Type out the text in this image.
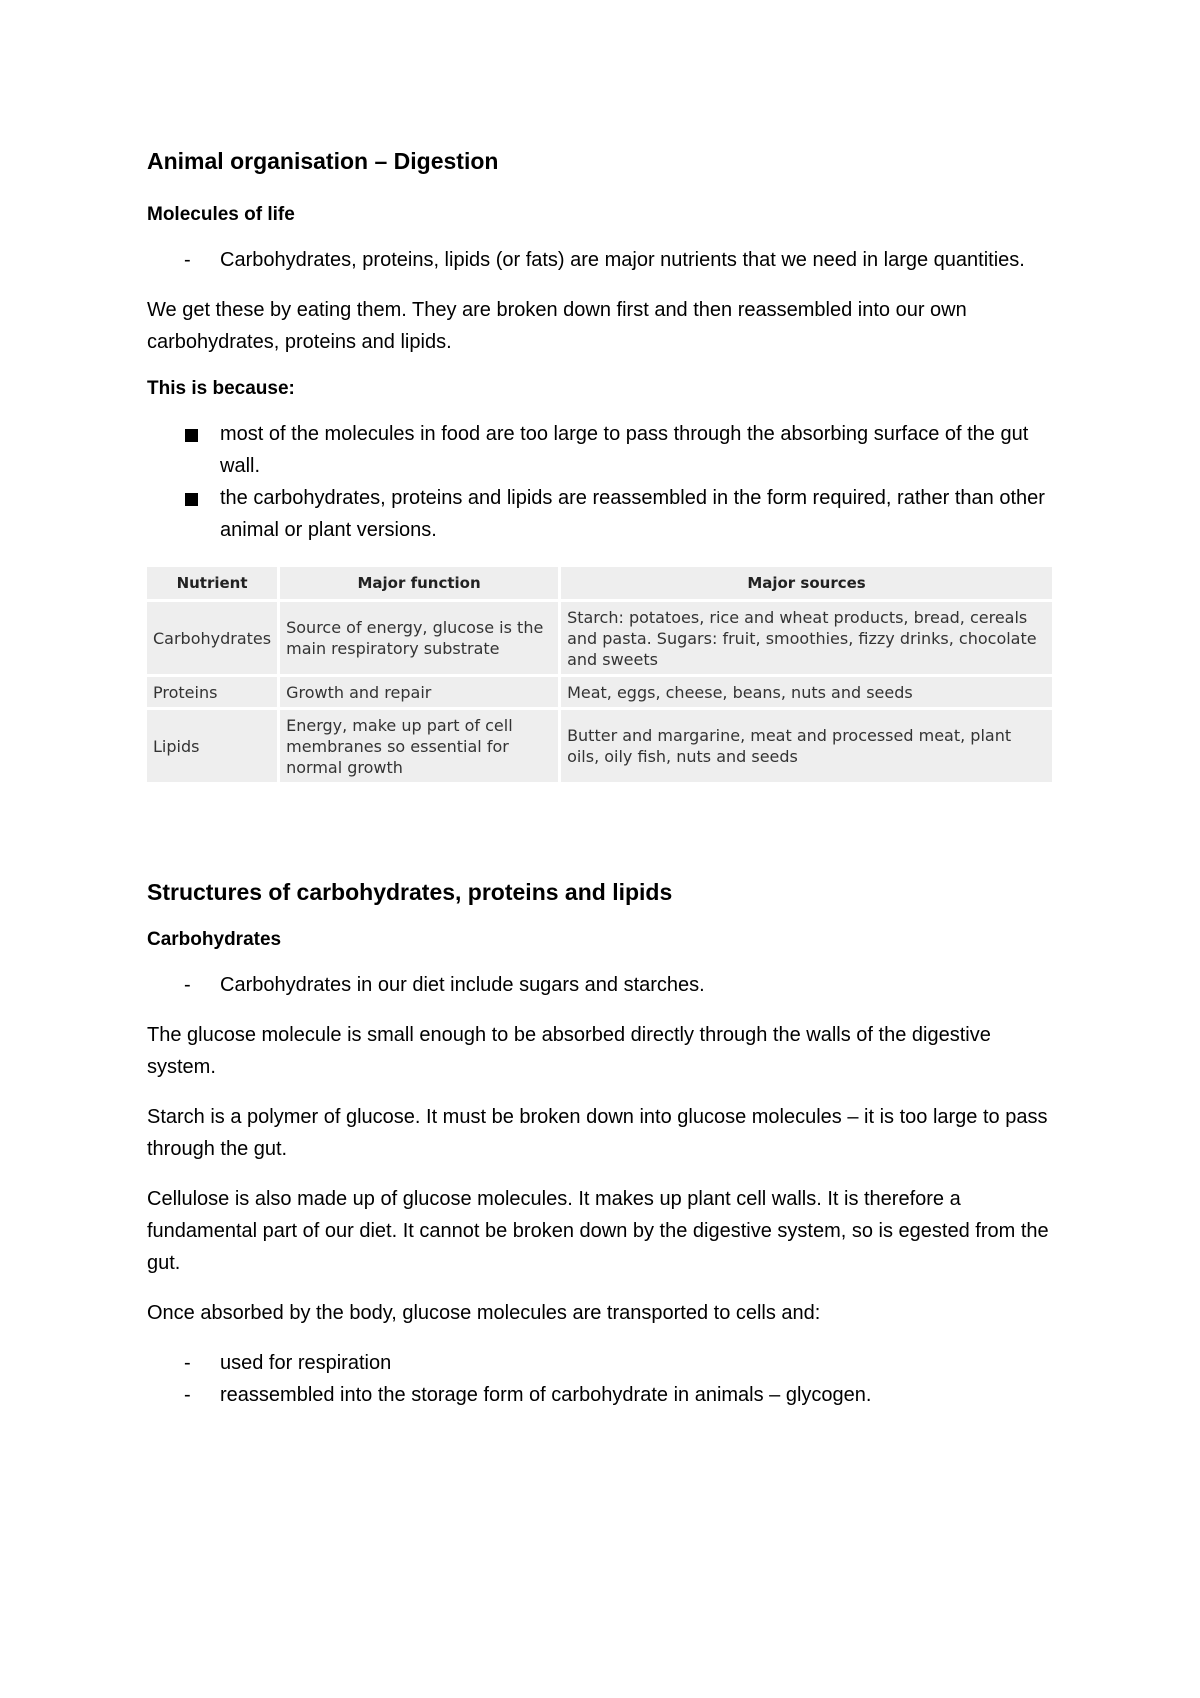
Animal organisation – Digestion
Molecules of life
- Carbohydrates, proteins, lipids (or fats) are major nutrients that we need in large quantities.

We get these by eating them. They are broken down first and then reassembled into our own carbohydrates, proteins and lipids.

This is because:
most of the molecules in food are too large to pass through the absorbing surface of the gut wall.
the carbohydrates, proteins and lipids are reassembled in the form required, rather than other animal or plant versions.
Nutrient	Major function	Major sources
Carbohydrates	Source of energy, glucose is the main respiratory substrate	Starch: potatoes, rice and wheat products, bread, cereals and pasta. Sugars: fruit, smoothies, fizzy drinks, chocolate and sweets
Proteins	Growth and repair	Meat, eggs, cheese, beans, nuts and seeds
Lipids	Energy, make up part of cell membranes so essential for normal growth	Butter and margarine, meat and processed meat, plant oils, oily fish, nuts and seeds
Structures of carbohydrates, proteins and lipids
Carbohydrates
- Carbohydrates in our diet include sugars and starches.

The glucose molecule is small enough to be absorbed directly through the walls of the digestive system.

Starch is a polymer of glucose. It must be broken down into glucose molecules – it is too large to pass through the gut.

Cellulose is also made up of glucose molecules. It makes up plant cell walls. It is therefore a fundamental part of our diet. It cannot be broken down by the digestive system, so is egested from the gut.

Once absorbed by the body, glucose molecules are transported to cells and:

- used for respiration
- reassembled into the storage form of carbohydrate in animals – glycogen.
